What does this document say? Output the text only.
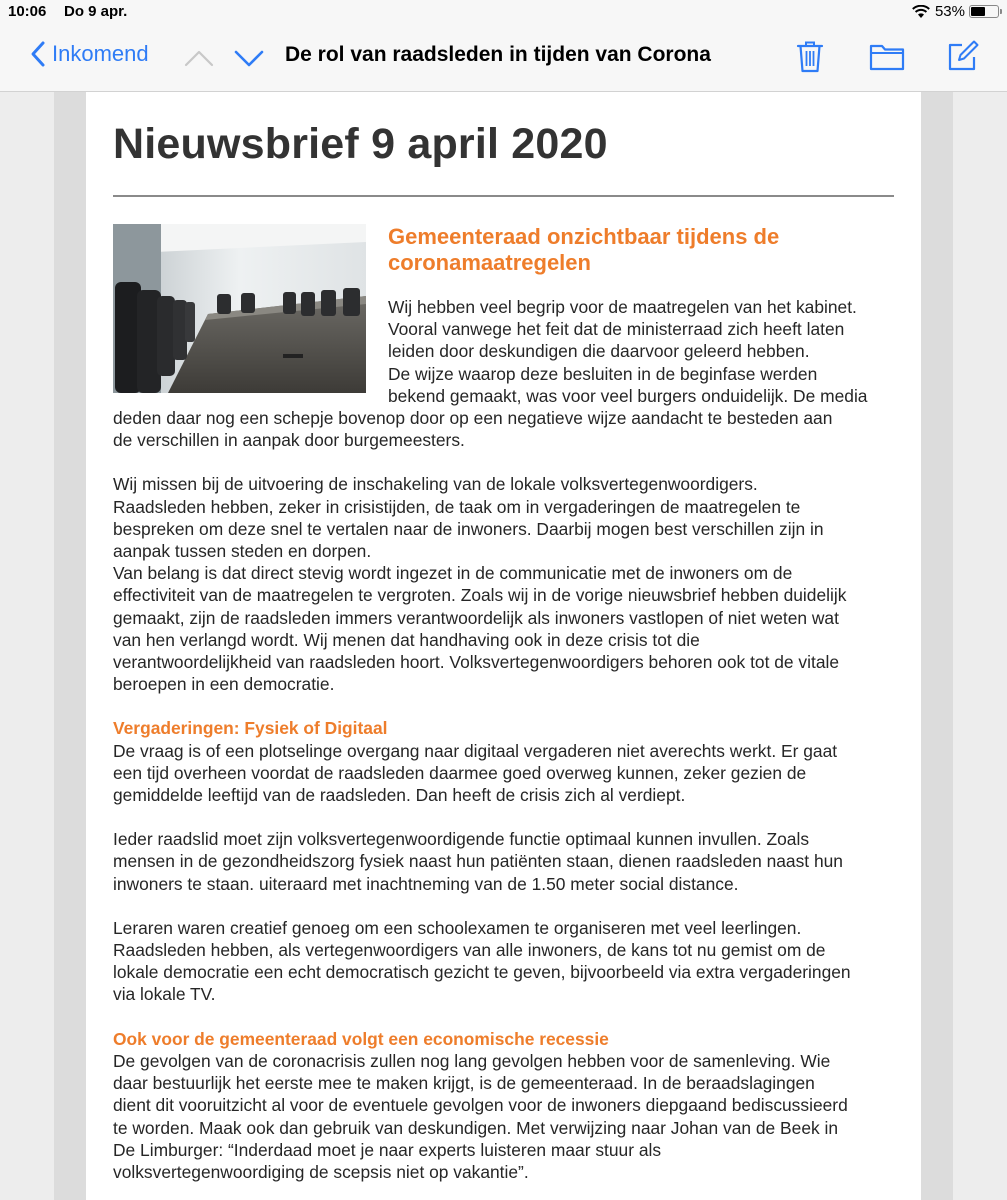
10:06 Do 9 apr.	53%
Inkomend	De rol van raadsleden in tijden van Corona
Nieuwsbrief 9 april 2020
Gemeenteraad onzichtbaar tijdens de coronamaatregelen
Wij hebben veel begrip voor de maatregelen van het kabinet.
Vooral vanwege het feit dat de ministerraad zich heeft laten
leiden door deskundigen die daarvoor geleerd hebben.
De wijze waarop deze besluiten in de beginfase werden
bekend gemaakt, was voor veel burgers onduidelijk. De media
deden daar nog een schepje bovenop door op een negatieve wijze aandacht te besteden aan
de verschillen in aanpak door burgemeesters.
Wij missen bij de uitvoering de inschakeling van de lokale volksvertegenwoordigers.
Raadsleden hebben, zeker in crisistijden, de taak om in vergaderingen de maatregelen te
bespreken om deze snel te vertalen naar de inwoners. Daarbij mogen best verschillen zijn in
aanpak tussen steden en dorpen.
Van belang is dat direct stevig wordt ingezet in de communicatie met de inwoners om de
effectiviteit van de maatregelen te vergroten. Zoals wij in de vorige nieuwsbrief hebben duidelijk
gemaakt, zijn de raadsleden immers verantwoordelijk als inwoners vastlopen of niet weten wat
van hen verlangd wordt. Wij menen dat handhaving ook in deze crisis tot die
verantwoordelijkheid van raadsleden hoort. Volksvertegenwoordigers behoren ook tot de vitale
beroepen in een democratie.
Vergaderingen: Fysiek of Digitaal
De vraag is of een plotselinge overgang naar digitaal vergaderen niet averechts werkt. Er gaat
een tijd overheen voordat de raadsleden daarmee goed overweg kunnen, zeker gezien de
gemiddelde leeftijd van de raadsleden. Dan heeft de crisis zich al verdiept.
Ieder raadslid moet zijn volksvertegenwoordigende functie optimaal kunnen invullen. Zoals
mensen in de gezondheidszorg fysiek naast hun patiënten staan, dienen raadsleden naast hun
inwoners te staan. uiteraard met inachtneming van de 1.50 meter social distance.
Leraren waren creatief genoeg om een schoolexamen te organiseren met veel leerlingen.
Raadsleden hebben, als vertegenwoordigers van alle inwoners, de kans tot nu gemist om de
lokale democratie een echt democratisch gezicht te geven, bijvoorbeeld via extra vergaderingen
via lokale TV.
Ook voor de gemeenteraad volgt een economische recessie
De gevolgen van de coronacrisis zullen nog lang gevolgen hebben voor de samenleving. Wie
daar bestuurlijk het eerste mee te maken krijgt, is de gemeenteraad. In de beraadslagingen
dient dit vooruitzicht al voor de eventuele gevolgen voor de inwoners diepgaand bediscussieerd
te worden. Maak ook dan gebruik van deskundigen. Met verwijzing naar Johan van de Beek in
De Limburger: “Inderdaad moet je naar experts luisteren maar stuur als
volksvertegenwoordiging de scepsis niet op vakantie”.
